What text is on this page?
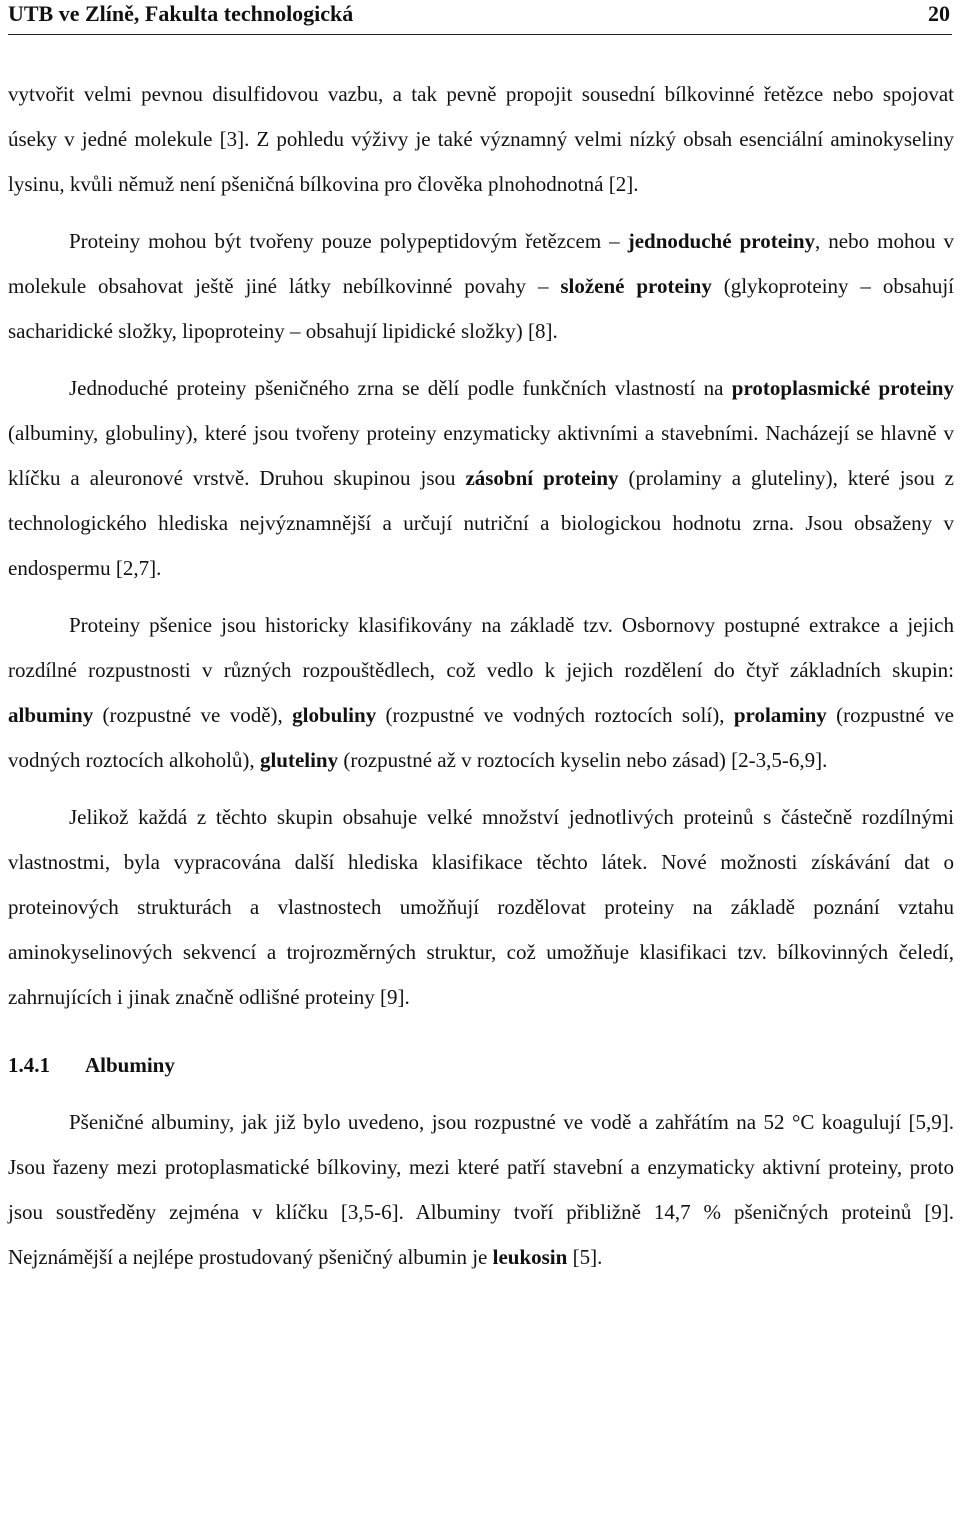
UTB ve Zlíně, Fakulta technologická	20

vytvořit velmi pevnou disulfidovou vazbu, a tak pevně propojit sousední bílkovinné řetězce nebo spojovat úseky v jedné molekule [3]. Z pohledu výživy je také významný velmi nízký obsah esenciální aminokyseliny lysinu, kvůli němuž není pšeničná bílkovina pro člověka plnohodnotná [2].

Proteiny mohou být tvořeny pouze polypeptidovým řetězcem – jednoduché proteiny, nebo mohou v molekule obsahovat ještě jiné látky nebílkovinné povahy – složené proteiny (glykoproteiny – obsahují sacharidické složky, lipoproteiny – obsahují lipidické složky) [8].

Jednoduché proteiny pšeničného zrna se dělí podle funkčních vlastností na protoplasmické proteiny (albuminy, globuliny), které jsou tvořeny proteiny enzymaticky aktivními a stavebními. Nacházejí se hlavně v klíčku a aleuronové vrstvě. Druhou skupinou jsou zásobní proteiny (prolaminy a gluteliny), které jsou z technologického hlediska nejvýznamnější a určují nutriční a biologickou hodnotu zrna. Jsou obsaženy v endospermu [2,7].

Proteiny pšenice jsou historicky klasifikovány na základě tzv. Osbornovy postupné extrakce a jejich rozdílné rozpustnosti v různých rozpouštědlech, což vedlo k jejich rozdělení do čtyř základních skupin: albuminy (rozpustné ve vodě), globuliny (rozpustné ve vodných roztocích solí), prolaminy (rozpustné ve vodných roztocích alkoholů), gluteliny (rozpustné až v roztocích kyselin nebo zásad) [2-3,5-6,9].

Jelikož každá z těchto skupin obsahuje velké množství jednotlivých proteinů s částečně rozdílnými vlastnostmi, byla vypracována další hlediska klasifikace těchto látek. Nové možnosti získávání dat o proteinových strukturách a vlastnostech umožňují rozdělovat proteiny na základě poznání vztahu aminokyselinových sekvencí a trojrozměrných struktur, což umožňuje klasifikaci tzv. bílkovinných čeledí, zahrnujících i jinak značně odlišné proteiny [9].

1.4.1 Albuminy

Pšeničné albuminy, jak již bylo uvedeno, jsou rozpustné ve vodě a zahřátím na 52 °C koagulují [5,9]. Jsou řazeny mezi protoplasmatické bílkoviny, mezi které patří stavební a enzymaticky aktivní proteiny, proto jsou soustředěny zejména v klíčku [3,5-6]. Albuminy tvoří přibližně 14,7 % pšeničných proteinů [9]. Nejznámější a nejlépe prostudovaný pšeničný albumin je leukosin [5].
